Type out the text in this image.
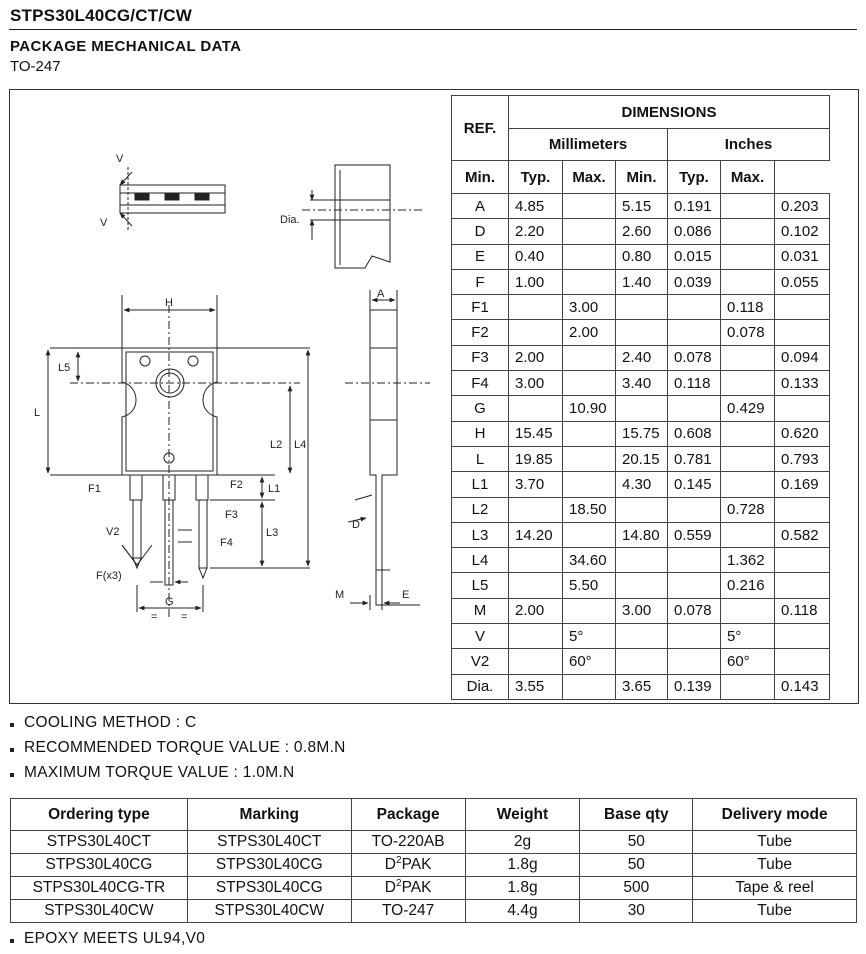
STPS30L40CG/CT/CW
PACKAGE MECHANICAL DATA
TO-247
V
V	Dia.
H
L5
L
L2 L4
L1
L3
F1	F2
F3
F4
V2
F(x3)
G
= =
A
D
M	E
REF.	DIMENSIONS					
	Millimeters			Inches		
Min.	Typ.	Max.	Min.	Typ.	Max.	
A	4.85		5.15	0.191		0.203
D	2.20		2.60	0.086		0.102
E	0.40		0.80	0.015		0.031
F	1.00		1.40	0.039		0.055
F1		3.00			0.118	
F2		2.00			0.078	
F3	2.00		2.40	0.078		0.094
F4	3.00		3.40	0.118		0.133
G		10.90			0.429	
H	15.45		15.75	0.608		0.620
L	19.85		20.15	0.781		0.793
L1	3.70		4.30	0.145		0.169
L2		18.50			0.728	
L3	14.20		14.80	0.559		0.582
L4		34.60			1.362	
L5		5.50			0.216	
M	2.00		3.00	0.078		0.118
V		5°			5°	
V2		60°			60°	
Dia.	3.55		3.65	0.139		0.143
COOLING METHOD : C
RECOMMENDED TORQUE VALUE : 0.8M.N
MAXIMUM TORQUE VALUE : 1.0M.N
Ordering type	Marking	Package	Weight	Base qty	Delivery mode
STPS30L40CT	STPS30L40CT	TO-220AB	2g	50	Tube
STPS30L40CG	STPS30L40CG	$D^2PAK$	1.8g	50	Tube
STPS30L40CG-TR	STPS30L40CG	$D^2PAK$	1.8g	500	Tape & reel
STPS30L40CW	STPS30L40CW	TO-247	4.4g	30	Tube
EPOXY MEETS UL94,V0
